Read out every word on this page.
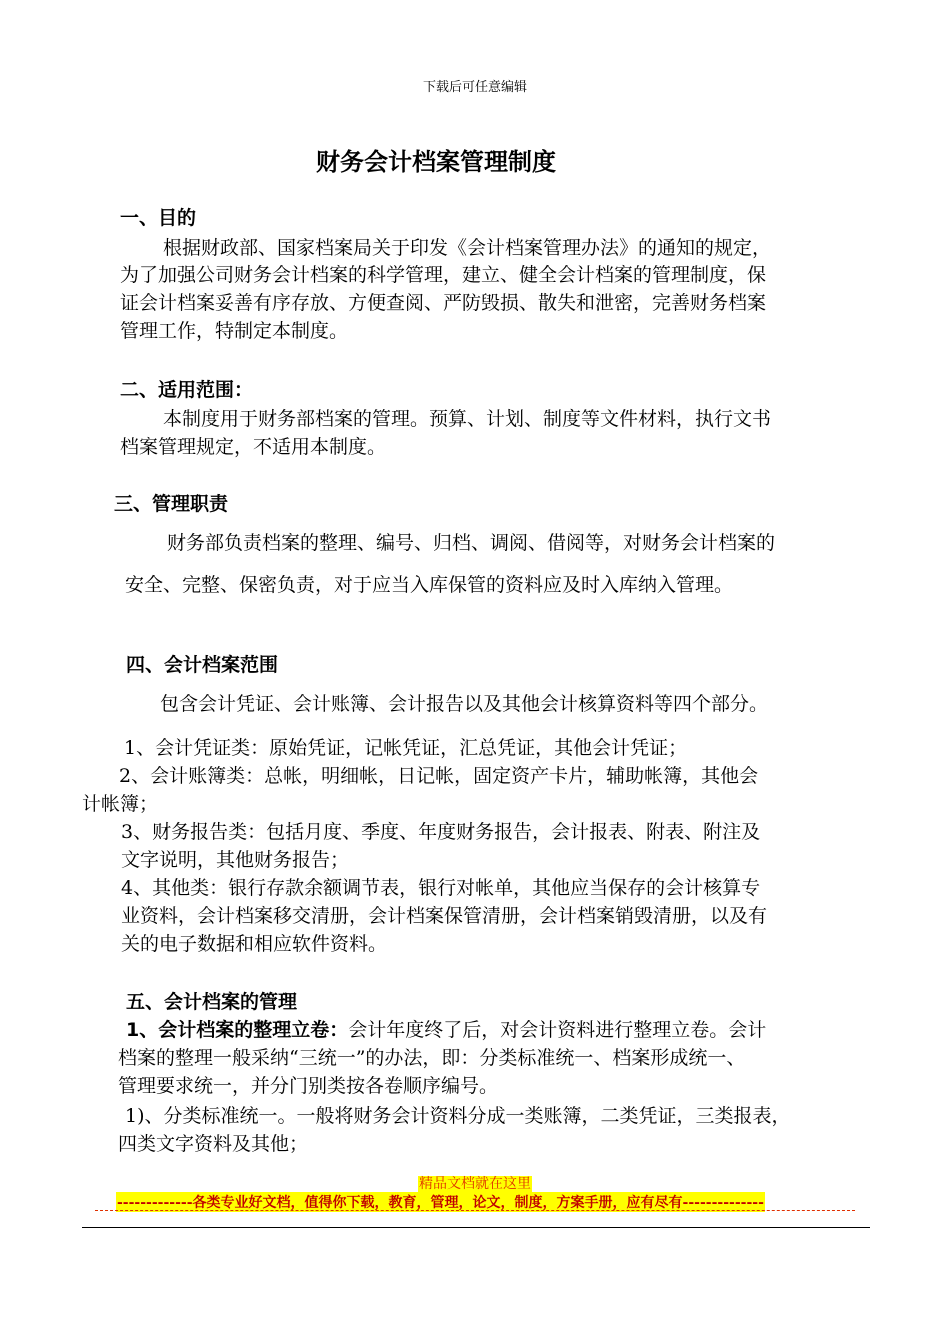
下载后可任意编辑
财务会计档案管理制度
一、目的
根据财政部、国家档案局关于印发《会计档案管理办法》的通知的规定，
为了加强公司财务会计档案的科学管理，建立、健全会计档案的管理制度，保
证会计档案妥善有序存放、方便查阅、严防毁损、散失和泄密，完善财务档案
管理工作，特制定本制度。
二、适用范围：
本制度用于财务部档案的管理。预算、计划、制度等文件材料，执行文书
档案管理规定，不适用本制度。
三、管理职责
财务部负责档案的整理、编号、归档、调阅、借阅等，对财务会计档案的
安全、完整、保密负责，对于应当入库保管的资料应及时入库纳入管理。
四、会计档案范围
包含会计凭证、会计账簿、会计报告以及其他会计核算资料等四个部分。
1、会计凭证类：原始凭证，记帐凭证，汇总凭证，其他会计凭证；
2、会计账簿类：总帐，明细帐，日记帐，固定资产卡片，辅助帐簿，其他会
计帐簿；
3、财务报告类：包括月度、季度、年度财务报告，会计报表、附表、附注及
文字说明，其他财务报告；
4、其他类：银行存款余额调节表，银行对帐单，其他应当保存的会计核算专
业资料，会计档案移交清册，会计档案保管清册，会计档案销毁清册，以及有
关的电子数据和相应软件资料。
五、会计档案的管理
1、会计档案的整理立卷：会计年度终了后，对会计资料进行整理立卷。会计
档案的整理一般采纳“三统一”的办法，即：分类标准统一、档案形成统一、
管理要求统一，并分门别类按各卷顺序编号。
1)、分类标准统一。一般将财务会计资料分成一类账簿，二类凭证，三类报表，
四类文字资料及其他；
精品文档就在这里
-------------各类专业好文档，值得你下载，教育，管理，论文，制度，方案手册，应有尽有--------------
